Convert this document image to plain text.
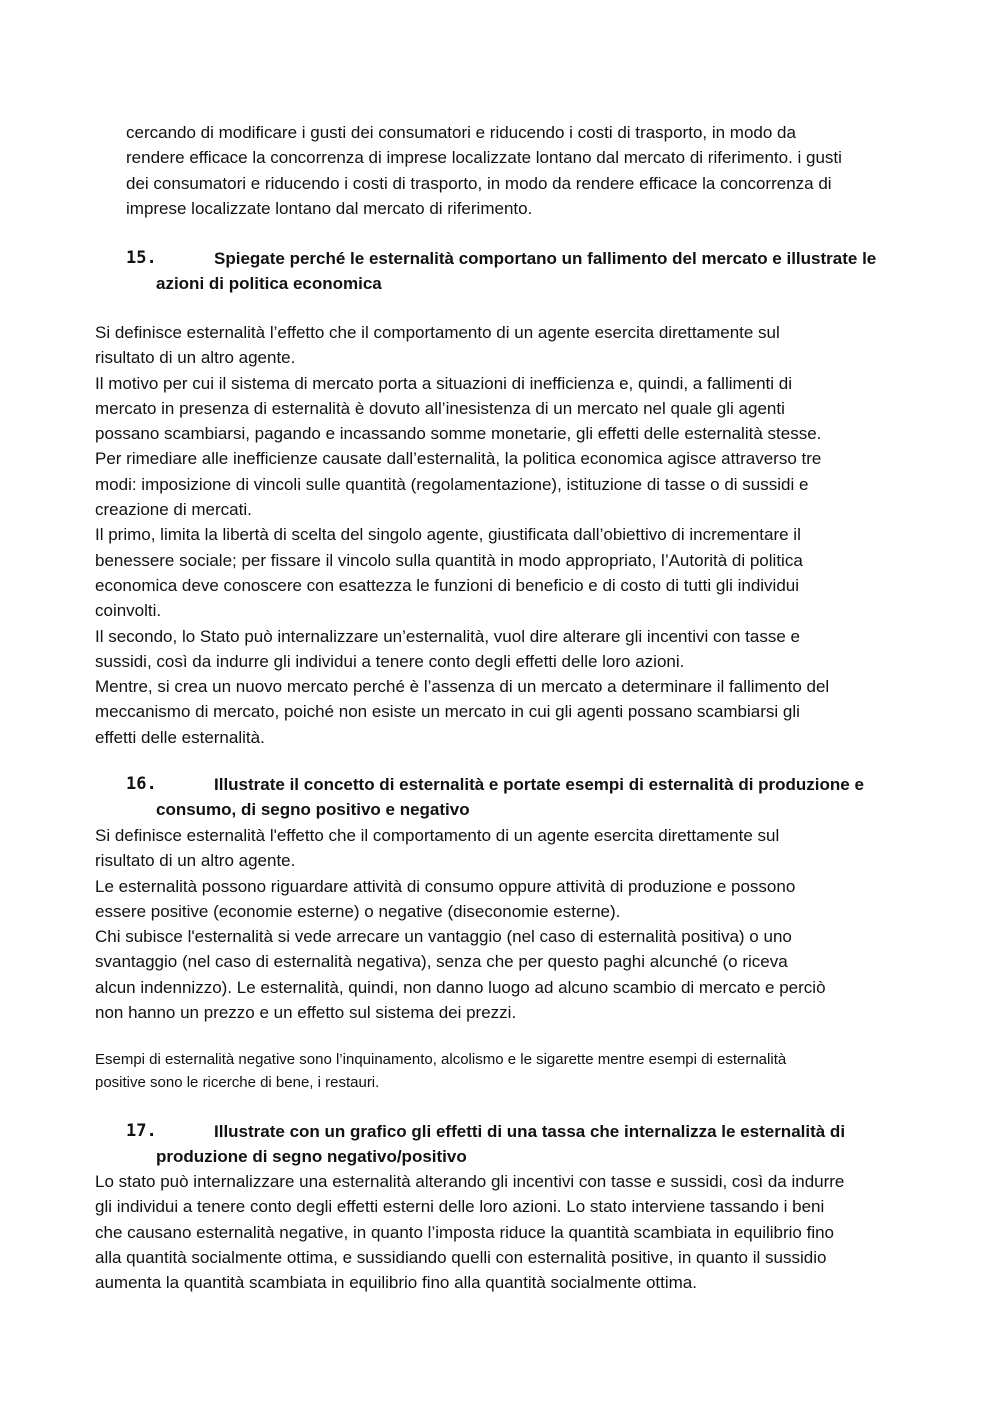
cercando di modificare i gusti dei consumatori e riducendo i costi di trasporto, in modo da
rendere efficace la concorrenza di imprese localizzate lontano dal mercato di riferimento. i gusti
dei consumatori e riducendo i costi di trasporto, in modo da rendere efficace la concorrenza di
imprese localizzate lontano dal mercato di riferimento.
15.	Spiegate perché le esternalità comportano un fallimento del mercato e illustrate le
azioni di politica economica
Si definisce esternalità l’effetto che il comportamento di un agente esercita direttamente sul
risultato di un altro agente.
Il motivo per cui il sistema di mercato porta a situazioni di inefficienza e, quindi, a fallimenti di
mercato in presenza di esternalità è dovuto all’inesistenza di un mercato nel quale gli agenti
possano scambiarsi, pagando e incassando somme monetarie, gli effetti delle esternalità stesse.
Per rimediare alle inefficienze causate dall’esternalità, la politica economica agisce attraverso tre
modi: imposizione di vincoli sulle quantità (regolamentazione), istituzione di tasse o di sussidi e
creazione di mercati.
Il primo, limita la libertà di scelta del singolo agente, giustificata dall’obiettivo di incrementare il
benessere sociale; per fissare il vincolo sulla quantità in modo appropriato, l’Autorità di politica
economica deve conoscere con esattezza le funzioni di beneficio e di costo di tutti gli individui
coinvolti.
Il secondo, lo Stato può internalizzare un’esternalità, vuol dire alterare gli incentivi con tasse e
sussidi, così da indurre gli individui a tenere conto degli effetti delle loro azioni.
Mentre, si crea un nuovo mercato perché è l’assenza di un mercato a determinare il fallimento del
meccanismo di mercato, poiché non esiste un mercato in cui gli agenti possano scambiarsi gli
effetti delle esternalità.
16.	Illustrate il concetto di esternalità e portate esempi di esternalità di produzione e
consumo, di segno positivo e negativo
Si definisce esternalità l'effetto che il comportamento di un agente esercita direttamente sul
risultato di un altro agente.
Le esternalità possono riguardare attività di consumo oppure attività di produzione e possono
essere positive (economie esterne) o negative (diseconomie esterne).
Chi subisce l'esternalità si vede arrecare un vantaggio (nel caso di esternalità positiva) o uno
svantaggio (nel caso di esternalità negativa), senza che per questo paghi alcunché (o riceva
alcun indennizzo). Le esternalità, quindi, non danno luogo ad alcuno scambio di mercato e perciò
non hanno un prezzo e un effetto sul sistema dei prezzi.
Esempi di esternalità negative sono l’inquinamento, alcolismo e le sigarette mentre esempi di esternalità
positive sono le ricerche di bene, i restauri.
17.	Illustrate con un grafico gli effetti di una tassa che internalizza le esternalità di
produzione di segno negativo/positivo
Lo stato può internalizzare una esternalità alterando gli incentivi con tasse e sussidi, così da indurre
gli individui a tenere conto degli effetti esterni delle loro azioni. Lo stato interviene tassando i beni
che causano esternalità negative, in quanto l’imposta riduce la quantità scambiata in equilibrio fino
alla quantità socialmente ottima, e sussidiando quelli con esternalità positive, in quanto il sussidio
aumenta la quantità scambiata in equilibrio fino alla quantità socialmente ottima.
